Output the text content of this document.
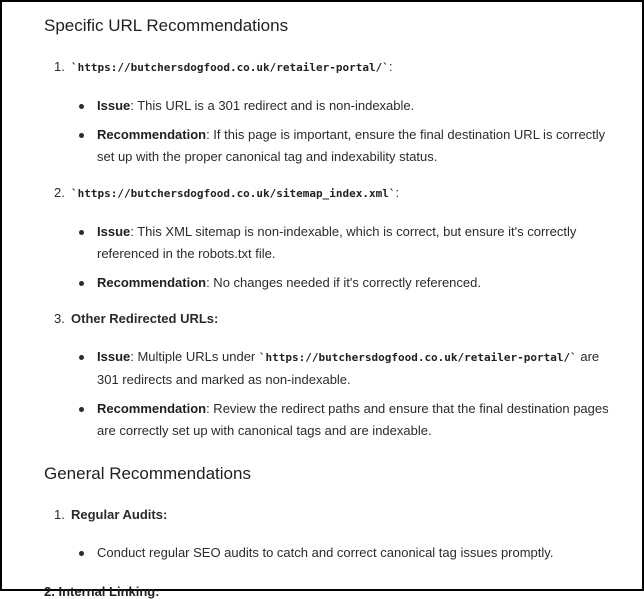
Specific URL Recommendations
1. `https://butchersdogfood.co.uk/retailer-portal/`:
Issue: This URL is a 301 redirect and is non-indexable.
Recommendation: If this page is important, ensure the final destination URL is correctly set up with the proper canonical tag and indexability status.
2. `https://butchersdogfood.co.uk/sitemap_index.xml`:
Issue: This XML sitemap is non-indexable, which is correct, but ensure it's correctly referenced in the robots.txt file.
Recommendation: No changes needed if it's correctly referenced.
3. Other Redirected URLs:
Issue: Multiple URLs under `https://butchersdogfood.co.uk/retailer-portal/` are 301 redirects and marked as non-indexable.
Recommendation: Review the redirect paths and ensure that the final destination pages are correctly set up with canonical tags and are indexable.
General Recommendations
1. Regular Audits:
Conduct regular SEO audits to catch and correct canonical tag issues promptly.
2. Internal Linking:
